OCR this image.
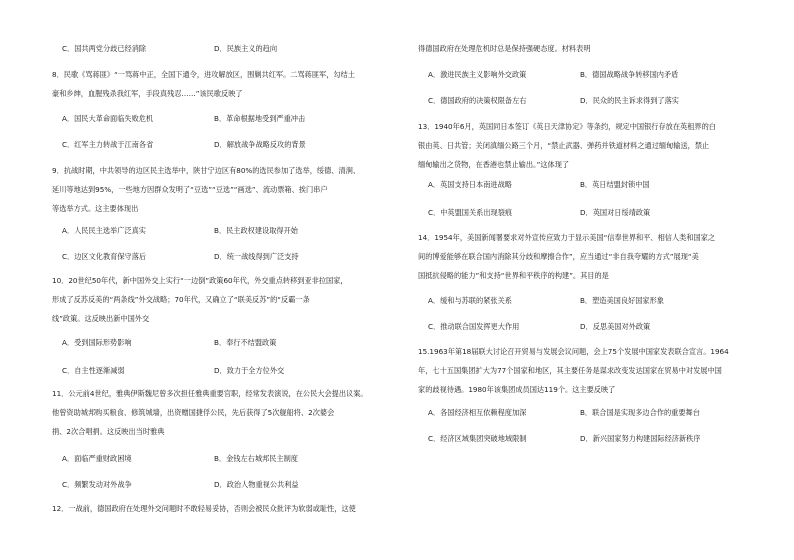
C．国共两党分歧已经消除	D．民族主义的趋向
8．民歌《骂蒋匪》“一骂蒋中正，全国下通令，进攻解放区，围剿共红军。二骂蒋匪军，勾结土
豪和乡绅，血腥残杀我红军，手段真残忍……”该民歌反映了
A．国民大革命面临失败危机	B．革命根据地受到严重冲击
C．红军主力转战于江南各省	D．解放战争战略反攻的背景
9．抗战时期，中共领导的边区民主选举中，陕甘宁边区有80%的选民参加了选举，绥德、清涧、
延川等地达到95%，一些地方因群众发明了“豆选”“豆选”“画选”、流动票箱、挨门串户
等选举方式。这主要体现出
A．人民民主选举广泛真实	B．民主政权建设取得开始
C．边区文化教育保守落后	D．统一战线得到广泛支持
10．20世纪50年代，新中国外交上实行“一边倒”政策60年代，外交重点转移到亚非拉国家，
形成了反苏反美的“两条线”外交战略；70年代，又确立了“联美反苏”的“反霸一条
线”政策。这反映出新中国外交
A．受到国际形势影响	B．奉行不结盟政策
C．自主性逐渐减弱	D．致力于全方位外交
11．公元前4世纪，雅典伊斯魏尼曾多次担任雅典重要官职，经常发表演说，在公民大会提出议案。
他曾资助城邦购买粮食、修筑城墙，出资赠国捷俘公民，先后获得了5次舰船将、2次婆会
捐、2次合唱捐。这反映出当时雅典
A．面临严重财政困境	B．金钱左右城邦民主制度
C．频繁发动对外战争	D．政治人物重视公共利益
12．一战前，德国政府在处理外交问题时不敢轻易妥协，否则会被民众批评为软弱或耻性，这使
得德国政府在处理危机时总是保持强硬态度。材料表明
A．激进民族主义影响外交政策	B．德国战略战争转移国内矛盾
C．德国政府的决策权限备左右	D．民众的民主诉求得到了落实
13．1940年6月，英国同日本签订《英日天津协定》等条约，规定中国银行存放在英租界的白
银由英、日共管；关闭滇缅公路三个月，“禁止武器、弹药并铁道材料之通过缅甸输送，禁止
缅甸输出之货物，在香港也禁止输出。”这体现了
A．英国支持日本南进战略	B．英日结盟封锁中国
C．中英盟国关系出现裂痕	D．英国对日绥靖政策
14．1954年，美国新闻署要求对外宣传应致力于显示美国“信奉世界和平、相信人类和国家之
间的博爱能够在联合国内消除其分歧和摩擦合作”，应当通过“非自我夸耀的方式”展现“美
国抵抗侵略的能力”和支持“世界和平秩序的构建”。其目的是
A．缓和与苏联的紧张关系	B．塑造美国良好国家形象
C．推动联合国发挥更大作用	D．反思美国对外政策
15.1963年第18届联大讨论召开贸易与发展会议问题，会上75个发展中国家发表联合宣言。1964
年，七十五国集团扩大为77个国家和地区，其主要任务是谋求改变发达国家在贸易中对发展中国
家的歧视待遇。1980年该集团成员国达119个。这主要反映了
A．各国经济相互依赖程度加深	B．联合国是实现多边合作的重要舞台
C．经济区域集团突破地域限制	D．新兴国家努力构建国际经济新秩序
